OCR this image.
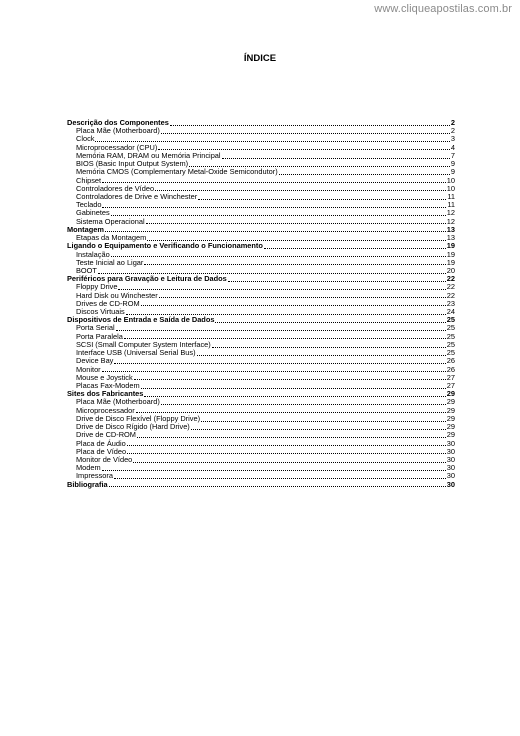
www.cliqueapostilas.com.br
ÍNDICE
Descrição dos Componentes	2
Placa Mãe (Motherboard)	2
Clock	3
Microprocessador (CPU)	4
Memória RAM, DRAM ou Memória Principal	7
BIOS (Basic Input Output System)	9
Memória CMOS (Complementary Metal-Oxide Semicondutor)	9
Chipset	10
Controladores de Vídeo	10
Controladores de Drive e Winchester	11
Teclado	11
Gabinetes	12
Sistema Operacional	12
Montagem	13
Etapas da Montagem	13
Ligando o Equipamento e Verificando o Funcionamento	19
Instalação	19
Teste Inicial ao Ligar	19
BOOT	20
Periféricos para Gravação e Leitura de Dados	22
Floppy Drive	22
Hard Disk ou Winchester	22
Drives de CD-ROM	23
Discos Virtuais	24
Dispositivos de Entrada e Saída de Dados	25
Porta Serial	25
Porta Paralela	25
SCSI (Small Computer System Interface)	25
Interface USB (Universal Serial Bus)	25
Device Bay	26
Monitor	26
Mouse e Joystick	27
Placas Fax-Modem	27
Sites dos Fabricantes	29
Placa Mãe (Motherboard)	29
Microprocessador	29
Drive de Disco Flexível (Floppy Drive)	29
Drive de Disco Rígido (Hard Drive)	29
Drive de CD-ROM	29
Placa de Áudio	30
Placa de Vídeo	30
Monitor de Vídeo	30
Modem	30
Impressora	30
Bibliografia	30
